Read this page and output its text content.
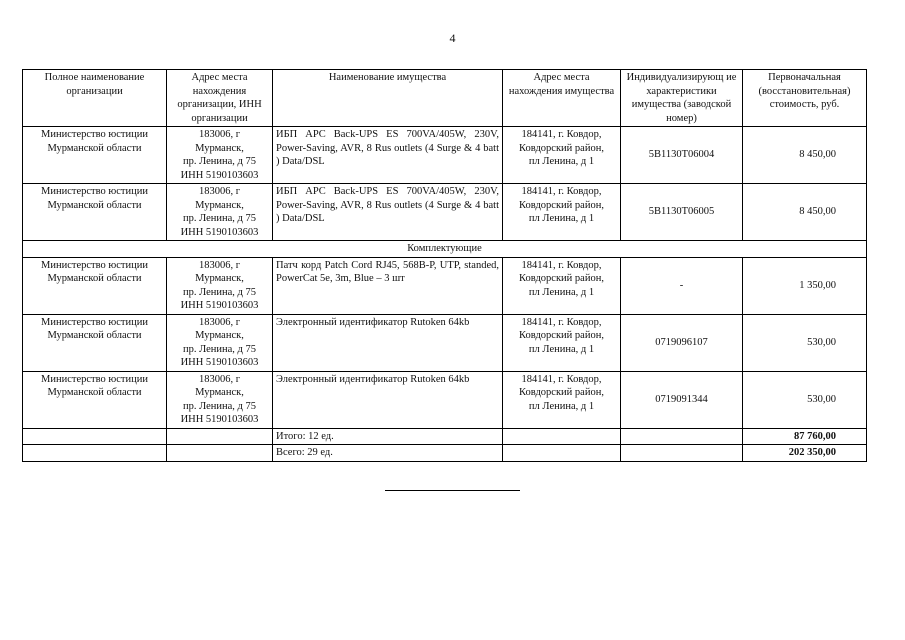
4
Полное наименование организации	Адрес места нахождения организации, ИНН организации	Наименование имущества	Адрес места нахождения имущества	Индивидуализирующ ие характеристики имущества (заводской номер)	Первоначальная (восстановительная) стоимость, руб.
Министерство юстиции Мурманской области	183006, г
Мурманск,
пр. Ленина, д 75
ИНН 5190103603	ИБП APC Back-UPS ES 700VA/405W, 230V, Power-Saving, AVR, 8 Rus outlets (4 Surge & 4 batt ) Data/DSL	184141, г. Ковдор,
Ковдорский район,
пл Ленина, д 1	5В1130Т06004	8 450,00
Министерство юстиции Мурманской области	183006, г
Мурманск,
пр. Ленина, д 75
ИНН 5190103603	ИБП APC Back-UPS ES 700VA/405W, 230V, Power-Saving, AVR, 8 Rus outlets (4 Surge & 4 batt ) Data/DSL	184141, г. Ковдор,
Ковдорский район,
пл Ленина, д 1	5В1130Т06005	8 450,00
Комплектующие					
Министерство юстиции Мурманской области	183006, г
Мурманск,
пр. Ленина, д 75
ИНН 5190103603	Патч корд Patch Cord RJ45, 568B-P, UTP, standed, PowerCat 5e, 3m, Blue – 3 шт	184141, г. Ковдор,
Ковдорский район,
пл Ленина, д 1	-	1 350,00
Министерство юстиции Мурманской области	183006, г
Мурманск,
пр. Ленина, д 75
ИНН 5190103603	Электронный идентификатор Rutoken 64kb	184141, г. Ковдор,
Ковдорский район,
пл Ленина, д 1	0719096107	530,00
Министерство юстиции Мурманской области	183006, г
Мурманск,
пр. Ленина, д 75
ИНН 5190103603	Электронный идентификатор Rutoken 64kb	184141, г. Ковдор,
Ковдорский район,
пл Ленина, д 1	0719091344	530,00
		Итого: 12 ед.			87 760,00
		Всего: 29 ед.			202 350,00
